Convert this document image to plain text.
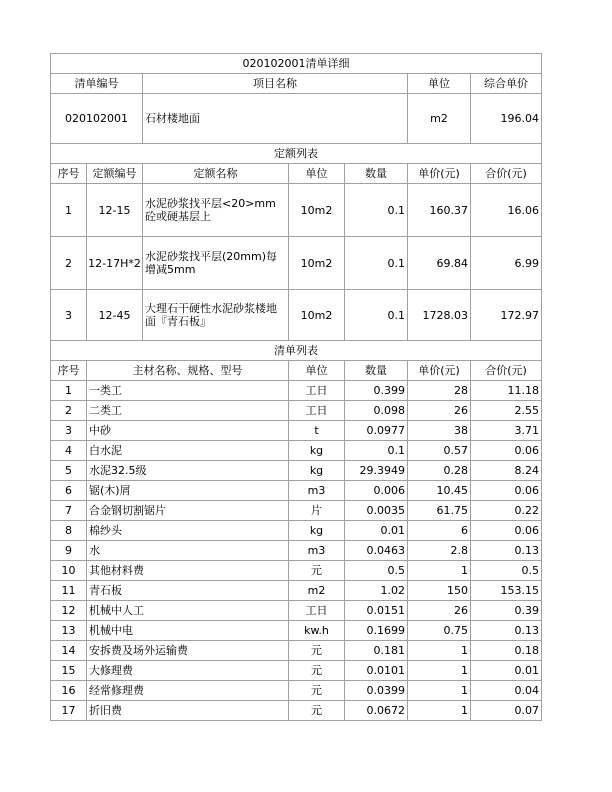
020102001清单详细						
清单编号		项目名称			单位	综合单价
020102001		石材楼地面			m2	196.04
定额列表						
序号	定额编号	定额名称	单位	数量	单价(元)	合价(元)
1	12-15	水泥砂浆找平层<20>mm砼或硬基层上	10m2	0.1	160.37	16.06
2	12-17H*2	水泥砂浆找平层(20mm)每增减5mm	10m2	0.1	69.84	6.99
3	12-45	大理石干硬性水泥砂浆楼地面『青石板』	10m2	0.1	1728.03	172.97
清单列表						
序号	主材名称、规格、型号		单位	数量	单价(元)	合价(元)
1	一类工		工日	0.399	28	11.18
2	二类工		工日	0.098	26	2.55
3	中砂		t	0.0977	38	3.71
4	白水泥		kg	0.1	0.57	0.06
5	水泥32.5级		kg	29.3949	0.28	8.24
6	锯(木)屑		m3	0.006	10.45	0.06
7	合金钢切割锯片		片	0.0035	61.75	0.22
8	棉纱头		kg	0.01	6	0.06
9	水		m3	0.0463	2.8	0.13
10	其他材料费		元	0.5	1	0.5
11	青石板		m2	1.02	150	153.15
12	机械中人工		工日	0.0151	26	0.39
13	机械中电		kw.h	0.1699	0.75	0.13
14	安拆费及场外运输费		元	0.181	1	0.18
15	大修理费		元	0.0101	1	0.01
16	经常修理费		元	0.0399	1	0.04
17	折旧费		元	0.0672	1	0.07
